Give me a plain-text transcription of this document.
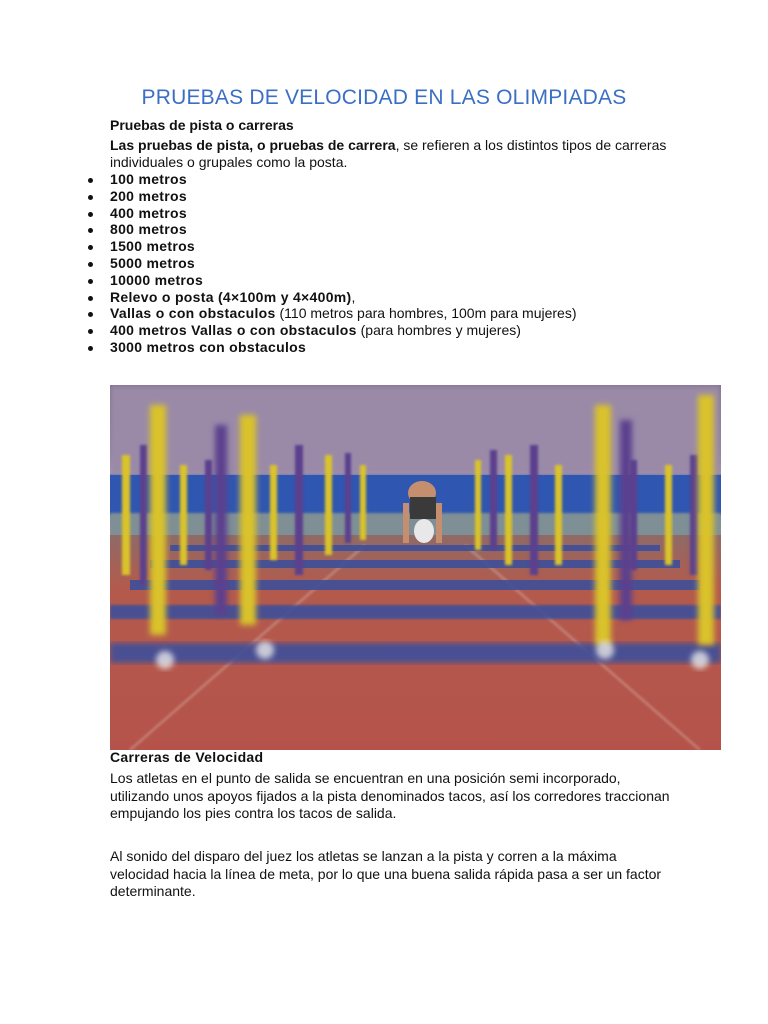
PRUEBAS DE VELOCIDAD EN LAS OLIMPIADAS
Pruebas de pista o carreras
Las pruebas de pista, o pruebas de carrera, se refieren a los distintos tipos de carreras individuales o grupales como la posta.
100 metros
200 metros
400 metros
800 metros
1500 metros
5000 metros
10000 metros
Relevo o posta (4×100m y 4×400m),
Vallas o con obstaculos (110 metros para hombres, 100m para mujeres)
400 metros Vallas o con obstaculos (para hombres y mujeres)
3000 metros con obstaculos
Carreras de Velocidad
Los atletas en el punto de salida se encuentran en una posición semi incorporado, utilizando unos apoyos fijados a la pista denominados tacos, así los corredores traccionan empujando los pies contra los tacos de salida.
Al sonido del disparo del juez los atletas se lanzan a la pista y corren a la máxima velocidad hacia la línea de meta, por lo que una buena salida rápida pasa a ser un factor determinante.
